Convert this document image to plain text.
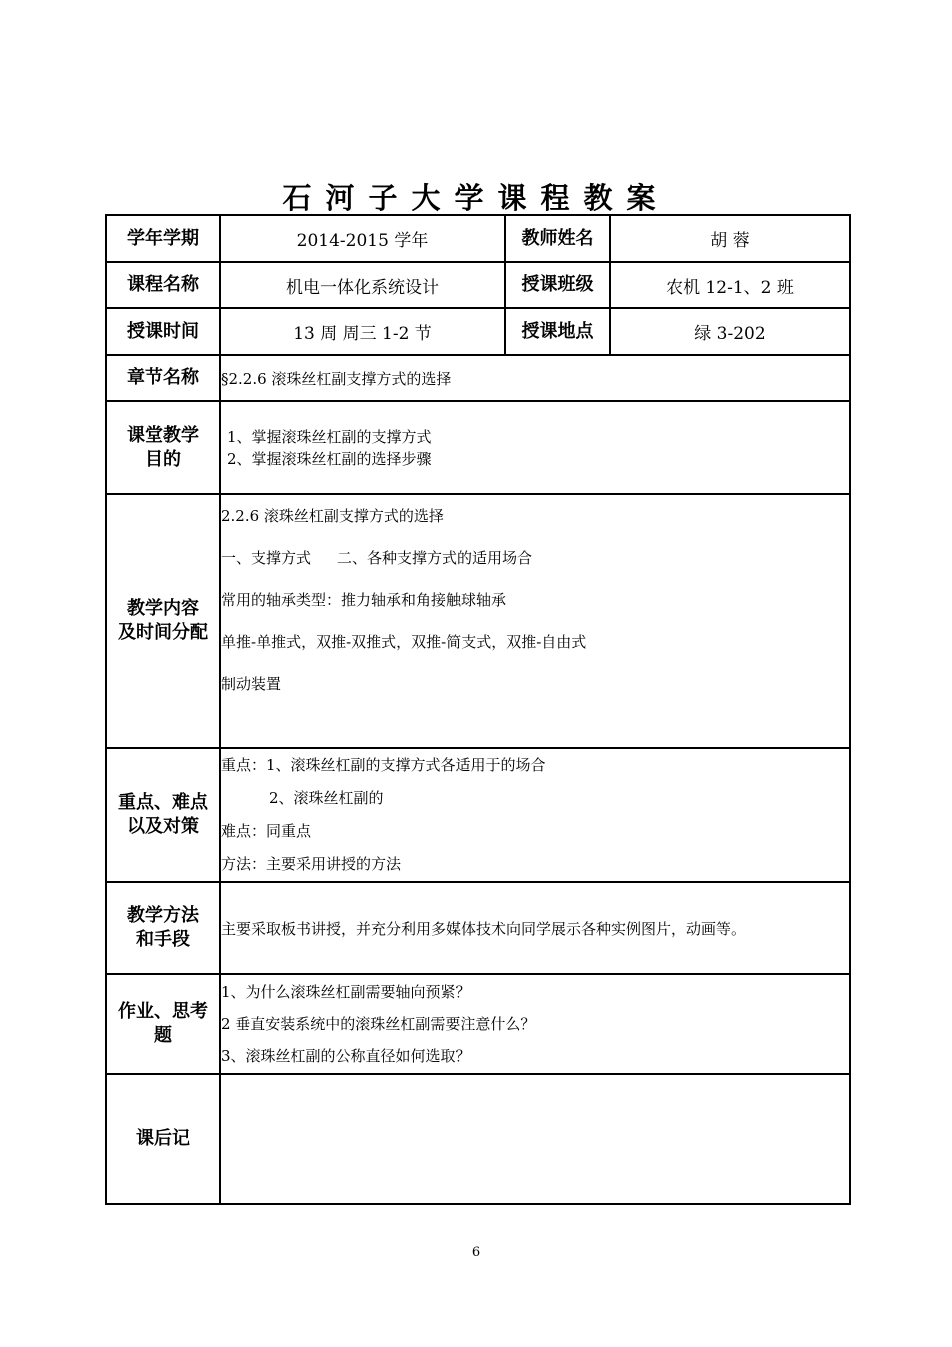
石河子大学课程教案
学年学期	2014-2015 学年	教师姓名	胡 蓉
课程名称	机电一体化系统设计	授课班级	农机 12-1、2 班
授课时间	13 周 周三 1-2 节	授课地点	绿 3-202
章节名称	§2.2.6 滚珠丝杠副支撑方式的选择		

课堂教学
目的	1、掌握滚珠丝杠副的支撑方式
2、掌握滚珠丝杠副的选择步骤		

教学内容
及时间分配	2.2.6 滚珠丝杠副支撑方式的选择
一、支撑方式 二、各种支撑方式的适用场合
常用的轴承类型：推力轴承和角接触球轴承
单推-单推式，双推-双推式，双推-简支式，双推-自由式
制动装置		

重点、难点
以及对策	重点：1、滚珠丝杠副的支撑方式各适用于的场合
2、滚珠丝杠副的
难点：同重点
方法：主要采用讲授的方法		

教学方法
和手段	主要采取板书讲授，并充分利用多媒体技术向同学展示各种实例图片，动画等。		

作业、思考
题	1、为什么滚珠丝杠副需要轴向预紧？
2 垂直安装系统中的滚珠丝杠副需要注意什么？
3、滚珠丝杠副的公称直径如何选取？		

课后记			
6
